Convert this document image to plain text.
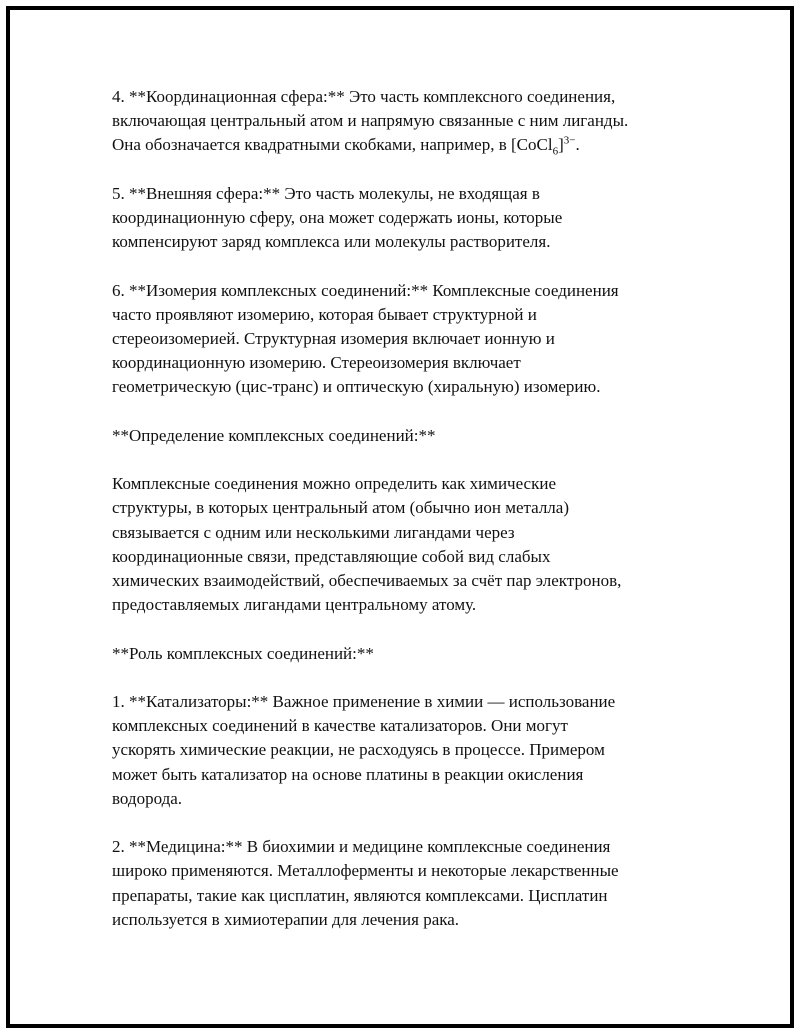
4. **Координационная сфера:** Это часть комплексного соединения,
включающая центральный атом и напрямую связанные с ним лиганды.
Она обозначается квадратными скобками, например, в [CoCl$_6$]$^{3-}$.

5. **Внешняя сфера:** Это часть молекулы, не входящая в
координационную сферу, она может содержать ионы, которые
компенсируют заряд комплекса или молекулы растворителя.

6. **Изомерия комплексных соединений:** Комплексные соединения
часто проявляют изомерию, которая бывает структурной и
стереоизомерией. Структурная изомерия включает ионную и
координационную изомерию. Стереоизомерия включает
геометрическую (цис-транс) и оптическую (хиральную) изомерию.

**Определение комплексных соединений:**

Комплексные соединения можно определить как химические
структуры, в которых центральный атом (обычно ион металла)
связывается с одним или несколькими лигандами через
координационные связи, представляющие собой вид слабых
химических взаимодействий, обеспечиваемых за счёт пар электронов,
предоставляемых лигандами центральному атому.

**Роль комплексных соединений:**

1. **Катализаторы:** Важное применение в химии — использование
комплексных соединений в качестве катализаторов. Они могут
ускорять химические реакции, не расходуясь в процессе. Примером
может быть катализатор на основе платины в реакции окисления
водорода.

2. **Медицина:** В биохимии и медицине комплексные соединения
широко применяются. Металлоферменты и некоторые лекарственные
препараты, такие как цисплатин, являются комплексами. Цисплатин
используется в химиотерапии для лечения рака.
